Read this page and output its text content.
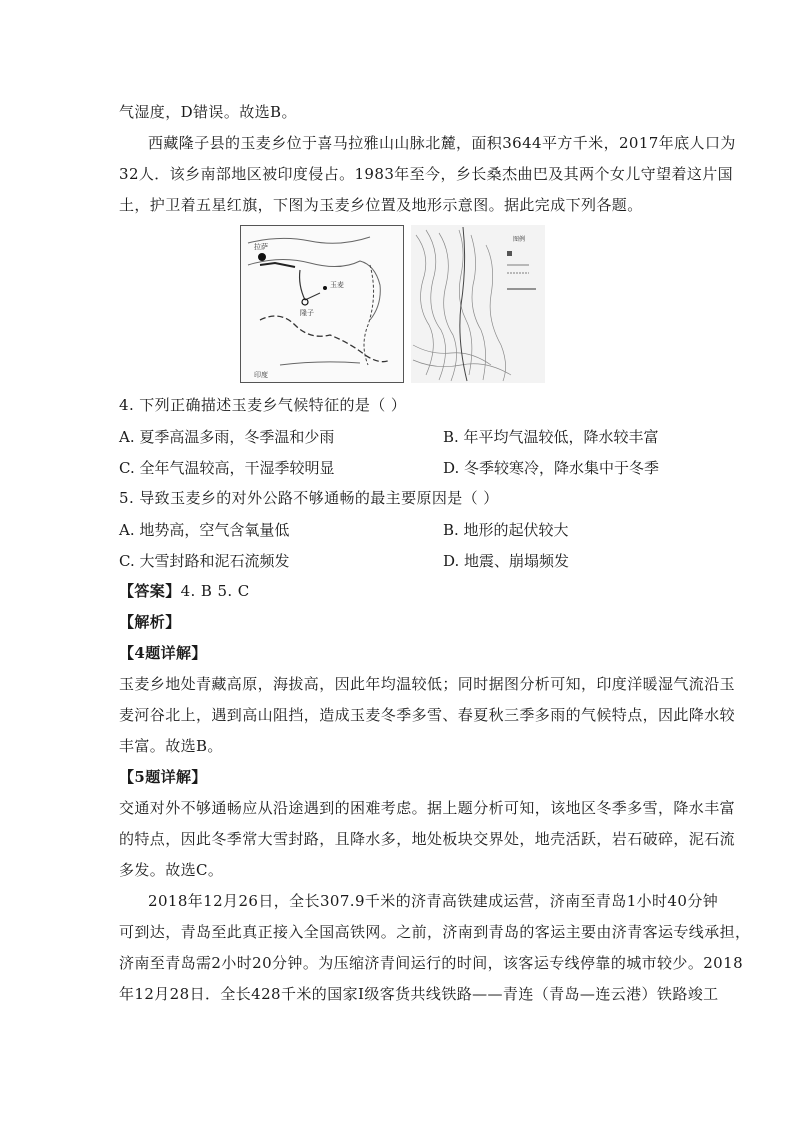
气湿度，D错误。故选B。
西藏隆子县的玉麦乡位于喜马拉雅山山脉北麓，面积3644平方千米，2017年底人口为
32人．该乡南部地区被印度侵占。1983年至今，乡长桑杰曲巴及其两个女儿守望着这片国
土，护卫着五星红旗，下图为玉麦乡位置及地形示意图。据此完成下列各题。
拉萨
隆子
玉麦
印度
图例
4. 下列正确描述玉麦乡气候特征的是（ ）
A. 夏季高温多雨，冬季温和少雨	B. 年平均气温较低，降水较丰富
C. 全年气温较高，干湿季较明显	D. 冬季较寒冷，降水集中于冬季
5. 导致玉麦乡的对外公路不够通畅的最主要原因是（ ）
A. 地势高，空气含氧量低	B. 地形的起伏较大
C. 大雪封路和泥石流频发	D. 地震、崩塌频发
【答案】4. B 5. C
【解析】
【4题详解】
玉麦乡地处青藏高原，海拔高，因此年均温较低；同时据图分析可知，印度洋暖湿气流沿玉
麦河谷北上，遇到高山阻挡，造成玉麦冬季多雪、春夏秋三季多雨的气候特点，因此降水较
丰富。故选B。
【5题详解】
交通对外不够通畅应从沿途遇到的困难考虑。据上题分析可知，该地区冬季多雪，降水丰富
的特点，因此冬季常大雪封路，且降水多，地处板块交界处，地壳活跃，岩石破碎，泥石流
多发。故选C。
2018年12月26日，全长307.9千米的济青高铁建成运营，济南至青岛1小时40分钟
可到达，青岛至此真正接入全国高铁网。之前，济南到青岛的客运主要由济青客运专线承担，
济南至青岛需2小时20分钟。为压缩济青间运行的时间，该客运专线停靠的城市较少。2018
年12月28日．全长428千米的国家I级客货共线铁路——青连（青岛—连云港）铁路竣工
